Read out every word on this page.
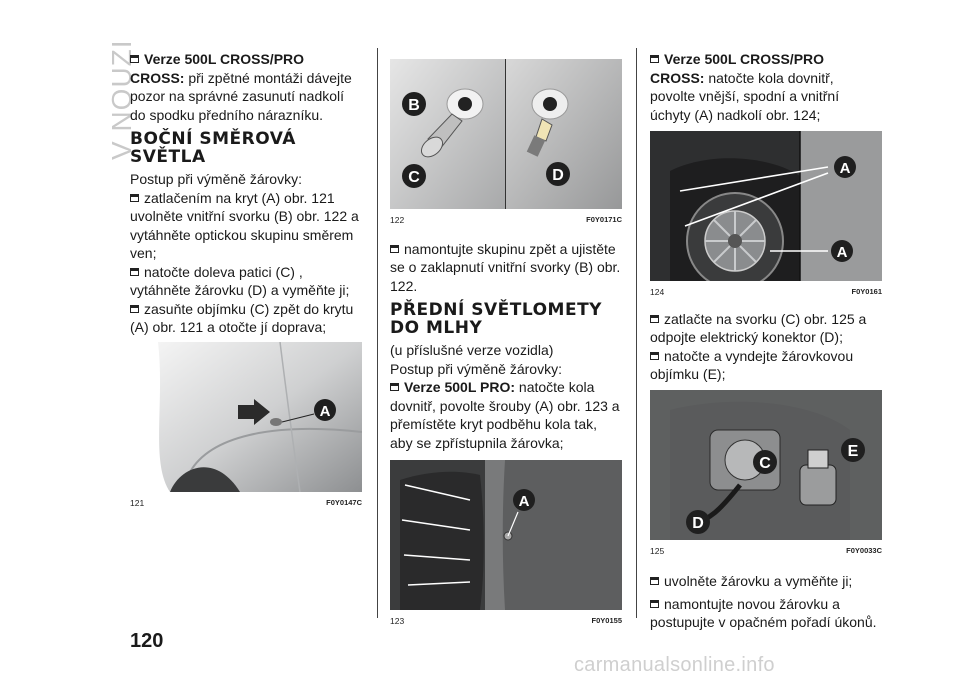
V NOUZI Verze 500L CROSS/PRO CROSS: při zpětné montáži dávejte pozor na správné zasunutí nadkolí do spodku předního nárazníku.

BOČNÍ SMĚROVÁ SVĚTLA

Postup při výměně žárovky:

zatlačením na kryt (A) obr. 121 uvolněte vnitřní svorku (B) obr. 122 a vytáhněte optickou skupinu směrem ven;

natočte doleva patici (C) , vytáhněte žárovku (D) a vyměňte ji;

zasuňte objímku (C) zpět do krytu (A) obr. 121 a otočte jí doprava;

A
121	F0Y0147C
B
C	D
122	F0Y0171C

namontujte skupinu zpět a ujistěte se o zaklapnutí vnitřní svorky (B) obr. 122.

PŘEDNÍ SVĚTLOMETY DO MLHY

(u příslušné verze vozidla)

Postup při výměně žárovky:

Verze 500L PRO: natočte kola dovnitř, povolte šrouby (A) obr. 123 a přemístěte kryt podběhu kola tak, aby se zpřístupnila žárovka;

A
123	F0Y0155

Verze 500L CROSS/PRO CROSS: natočte kola dovnitř, povolte vnější, spodní a vnitřní úchyty (A) nadkolí obr. 124;

A
A
124	F0Y0161

zatlačte na svorku (C) obr. 125 a odpojte elektrický konektor (D);

natočte a vyndejte žárovkovou objímku (E);

C
E
D
125	F0Y0033C

uvolněte žárovku a vyměňte ji;

namontujte novou žárovku a postupujte v opačném pořadí úkonů.

120
carmanualsonline.info
